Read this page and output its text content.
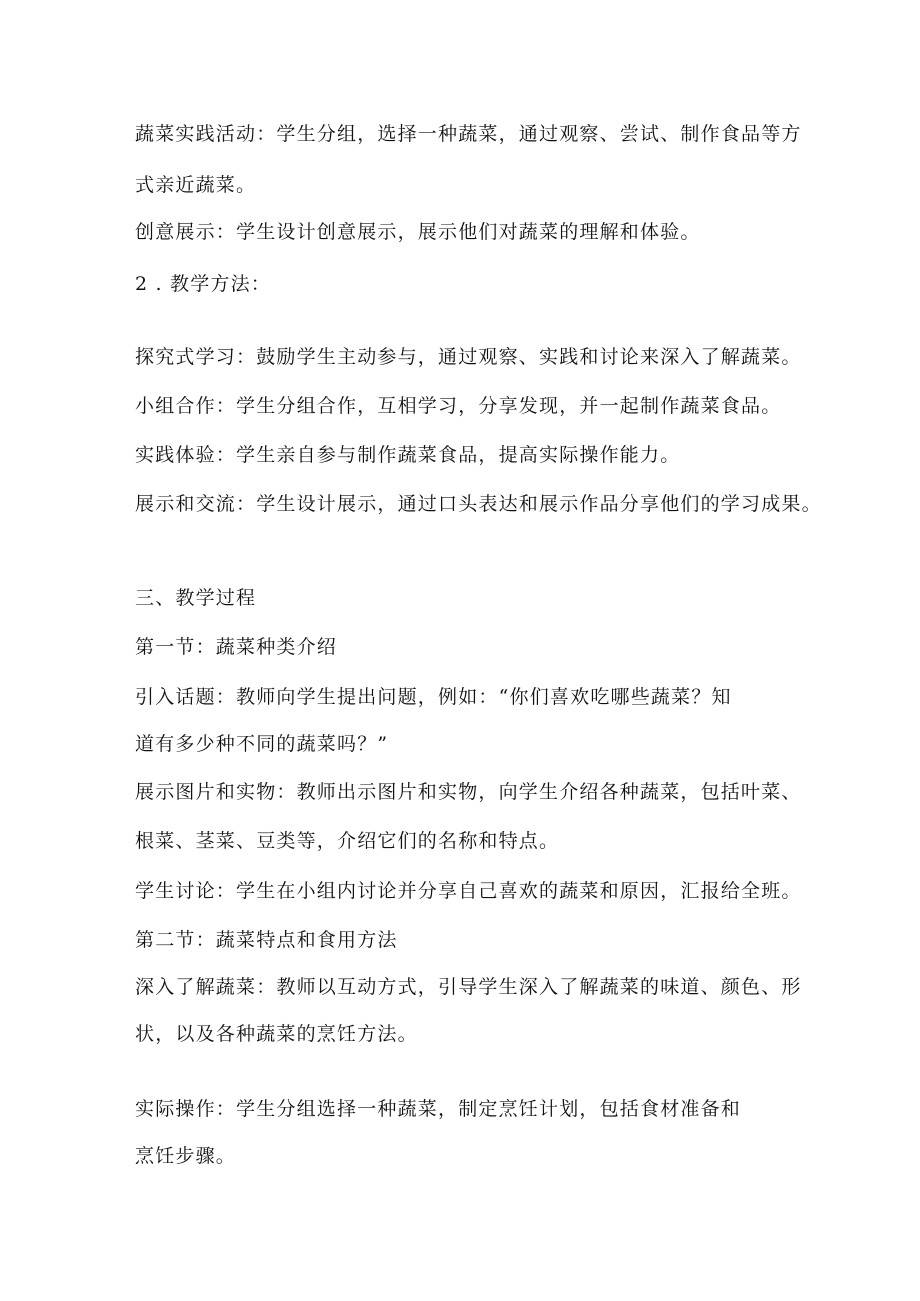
蔬菜实践活动：学生分组，选择一种蔬菜，通过观察、尝试、制作食品等方
式亲近蔬菜。
创意展示：学生设计创意展示，展示他们对蔬菜的理解和体验。
2 . 教学方法：
探究式学习：鼓励学生主动参与，通过观察、实践和讨论来深入了解蔬菜。
小组合作：学生分组合作，互相学习，分享发现，并一起制作蔬菜食品。
实践体验：学生亲自参与制作蔬菜食品，提高实际操作能力。
展示和交流：学生设计展示，通过口头表达和展示作品分享他们的学习成果。
三、教学过程
第一节：蔬菜种类介绍
引入话题：教师向学生提出问题，例如：“你们喜欢吃哪些蔬菜？知
道有多少种不同的蔬菜吗？”
展示图片和实物：教师出示图片和实物，向学生介绍各种蔬菜，包括叶菜、
根菜、茎菜、豆类等，介绍它们的名称和特点。
学生讨论：学生在小组内讨论并分享自己喜欢的蔬菜和原因，汇报给全班。
第二节：蔬菜特点和食用方法
深入了解蔬菜：教师以互动方式，引导学生深入了解蔬菜的味道、颜色、形
状，以及各种蔬菜的烹饪方法。
实际操作：学生分组选择一种蔬菜，制定烹饪计划，包括食材准备和
烹饪步骤。
